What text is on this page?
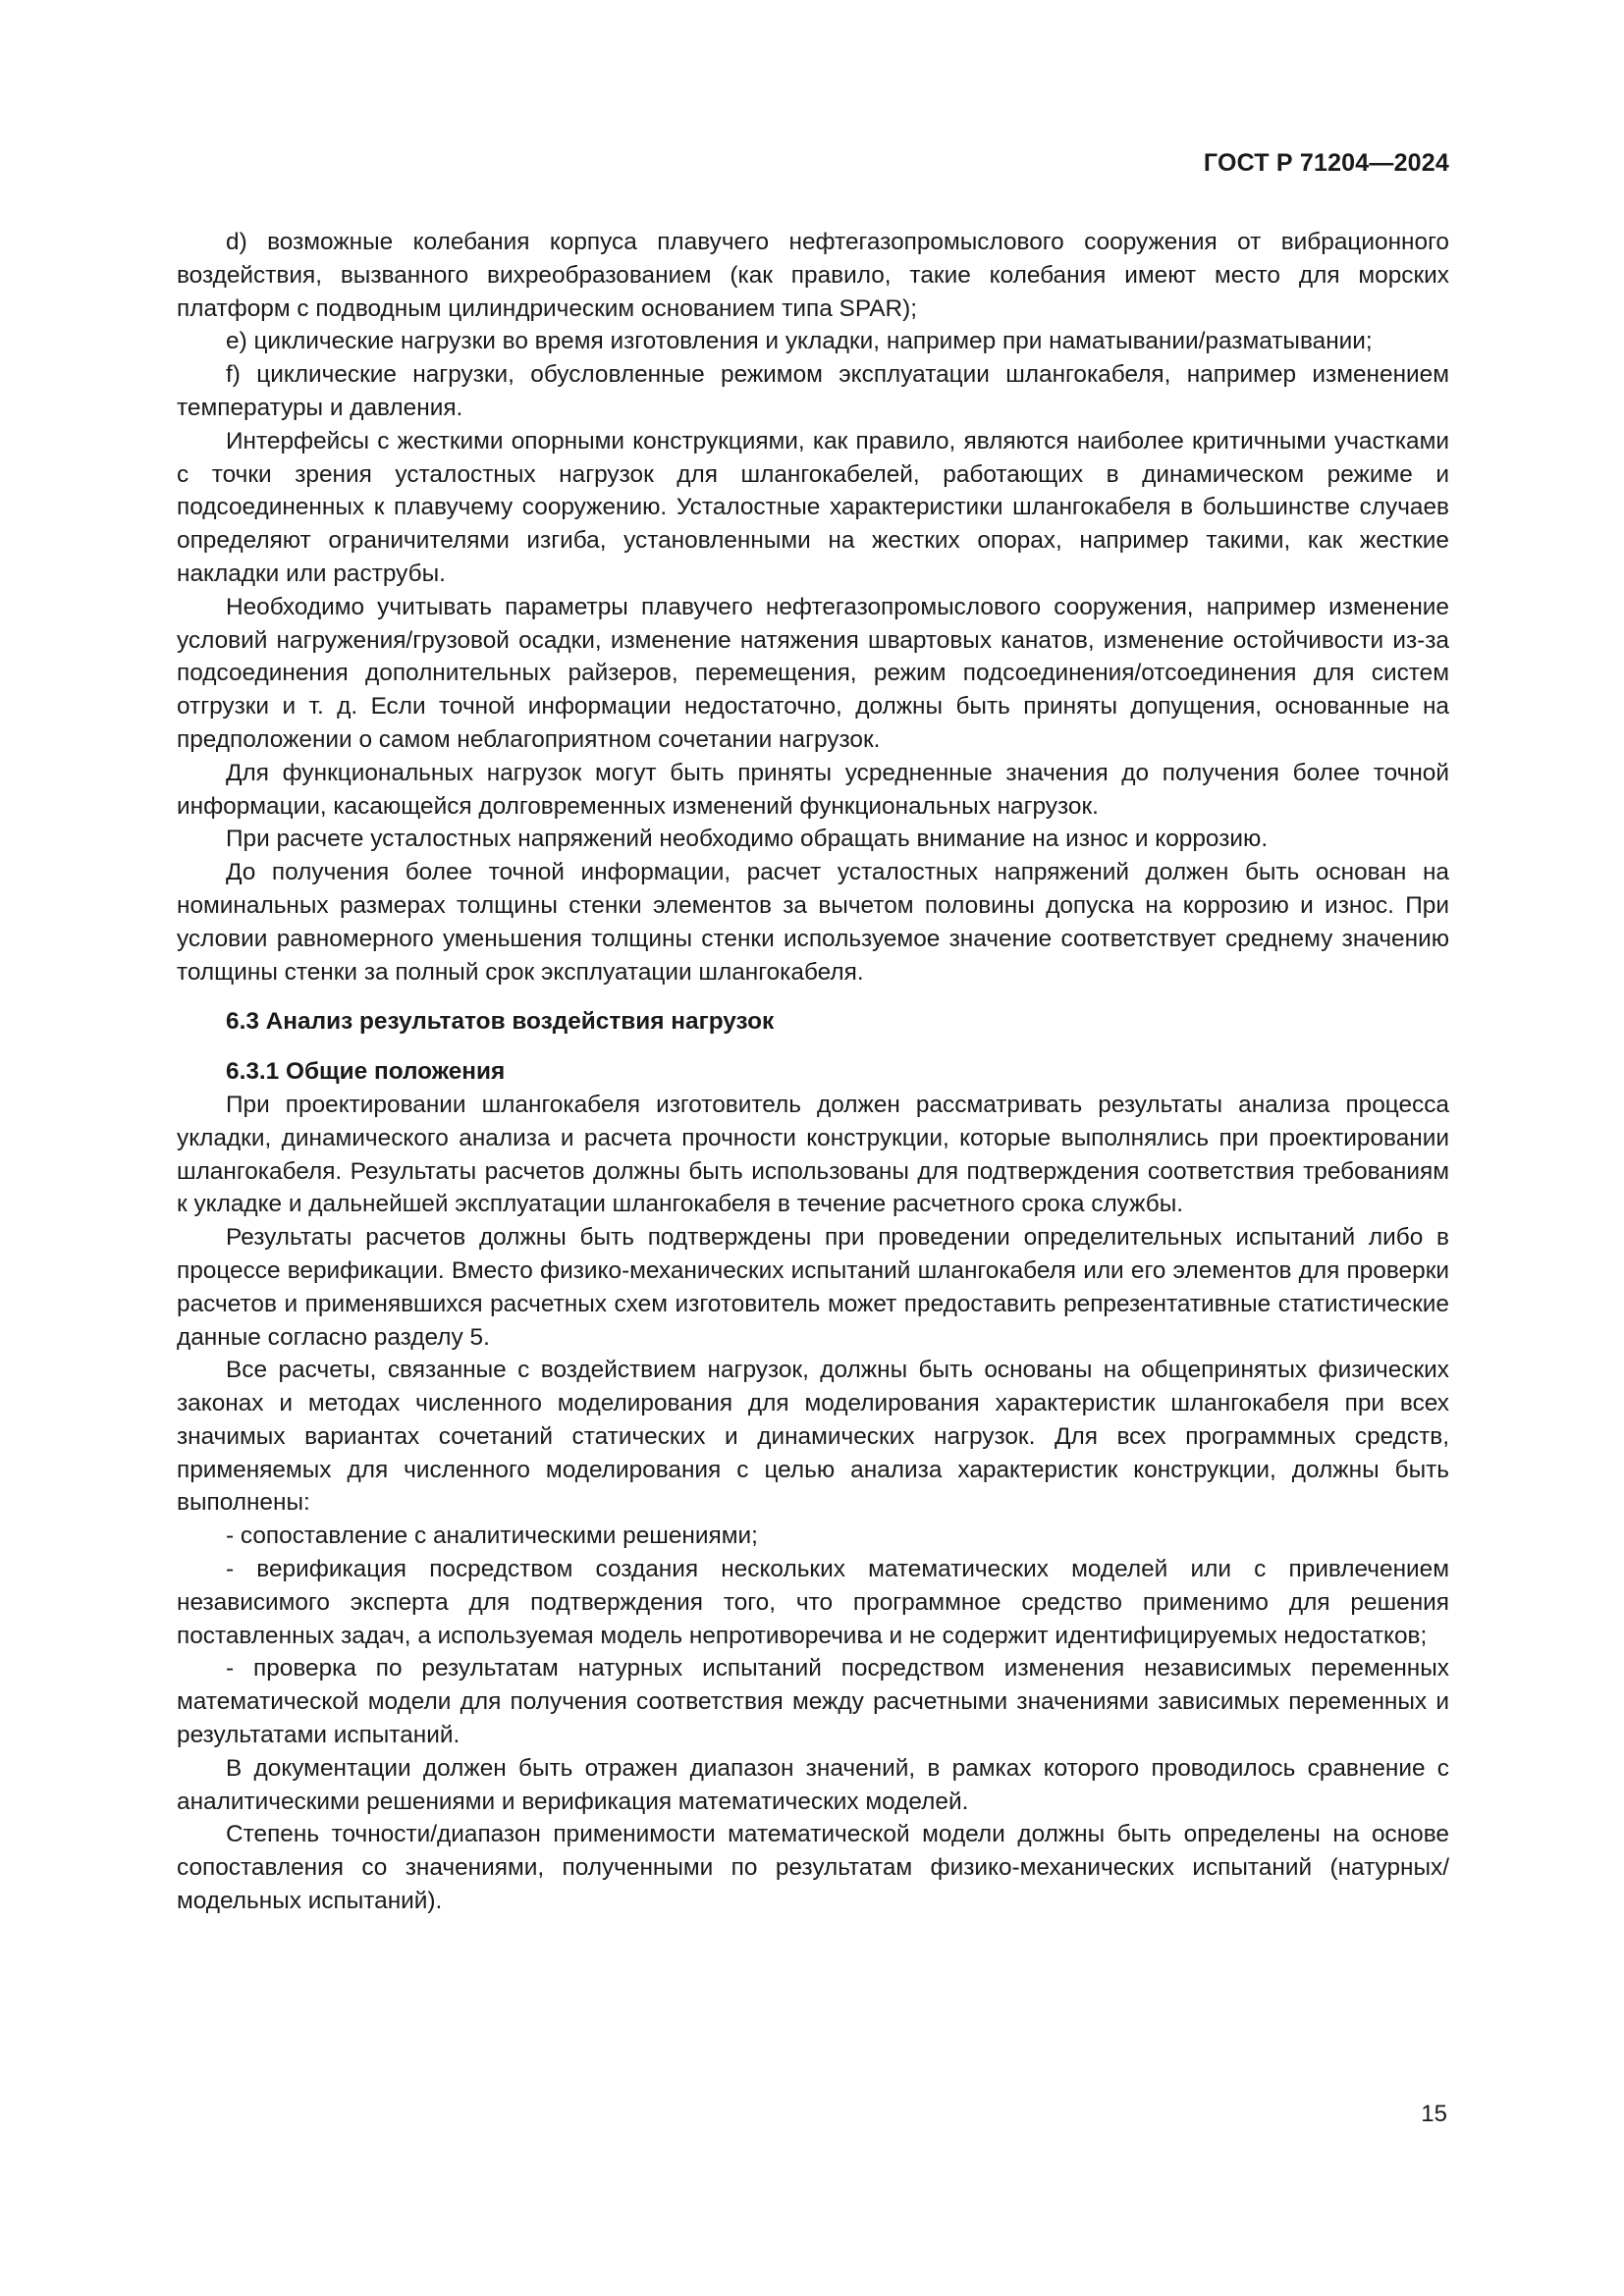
ГОСТ Р 71204—2024

d) возможные колебания корпуса плавучего нефтегазопромыслового сооружения от вибрационного воздействия, вызванного вихреобразованием (как правило, такие колебания имеют место для морских платформ с подводным цилиндрическим основанием типа SPAR);

e) циклические нагрузки во время изготовления и укладки, например при наматывании/разматывании;

f) циклические нагрузки, обусловленные режимом эксплуатации шлангокабеля, например изменением температуры и давления.

Интерфейсы с жесткими опорными конструкциями, как правило, являются наиболее критичными участками с точки зрения усталостных нагрузок для шлангокабелей, работающих в динамическом режиме и подсоединенных к плавучему сооружению. Усталостные характеристики шлангокабеля в большинстве случаев определяют ограничителями изгиба, установленными на жестких опорах, например такими, как жесткие накладки или раструбы.

Необходимо учитывать параметры плавучего нефтегазопромыслового сооружения, например изменение условий нагружения/грузовой осадки, изменение натяжения швартовых канатов, изменение остойчивости из-за подсоединения дополнительных райзеров, перемещения, режим подсоединения/отсоединения для систем отгрузки и т. д. Если точной информации недостаточно, должны быть приняты допущения, основанные на предположении о самом неблагоприятном сочетании нагрузок.

Для функциональных нагрузок могут быть приняты усредненные значения до получения более точной информации, касающейся долговременных изменений функциональных нагрузок.

При расчете усталостных напряжений необходимо обращать внимание на износ и коррозию.

До получения более точной информации, расчет усталостных напряжений должен быть основан на номинальных размерах толщины стенки элементов за вычетом половины допуска на коррозию и износ. При условии равномерного уменьшения толщины стенки используемое значение соответствует среднему значению толщины стенки за полный срок эксплуатации шлангокабеля.

6.3 Анализ результатов воздействия нагрузок

6.3.1 Общие положения

При проектировании шлангокабеля изготовитель должен рассматривать результаты анализа процесса укладки, динамического анализа и расчета прочности конструкции, которые выполнялись при проектировании шлангокабеля. Результаты расчетов должны быть использованы для подтверждения соответствия требованиям к укладке и дальнейшей эксплуатации шлангокабеля в течение расчетного срока службы.

Результаты расчетов должны быть подтверждены при проведении определительных испытаний либо в процессе верификации. Вместо физико-механических испытаний шлангокабеля или его элементов для проверки расчетов и применявшихся расчетных схем изготовитель может предоставить репрезентативные статистические данные согласно разделу 5.

Все расчеты, связанные с воздействием нагрузок, должны быть основаны на общепринятых физических законах и методах численного моделирования для моделирования характеристик шлангокабеля при всех значимых вариантах сочетаний статических и динамических нагрузок. Для всех программных средств, применяемых для численного моделирования с целью анализа характеристик конструкции, должны быть выполнены:

- сопоставление с аналитическими решениями;

- верификация посредством создания нескольких математических моделей или с привлечением независимого эксперта для подтверждения того, что программное средство применимо для решения поставленных задач, а используемая модель непротиворечива и не содержит идентифицируемых недостатков;

- проверка по результатам натурных испытаний посредством изменения независимых переменных математической модели для получения соответствия между расчетными значениями зависимых переменных и результатами испытаний.

В документации должен быть отражен диапазон значений, в рамках которого проводилось сравнение с аналитическими решениями и верификация математических моделей.

Степень точности/диапазон применимости математической модели должны быть определены на основе сопоставления со значениями, полученными по результатам физико-механических испытаний (натурных/модельных испытаний).

15
